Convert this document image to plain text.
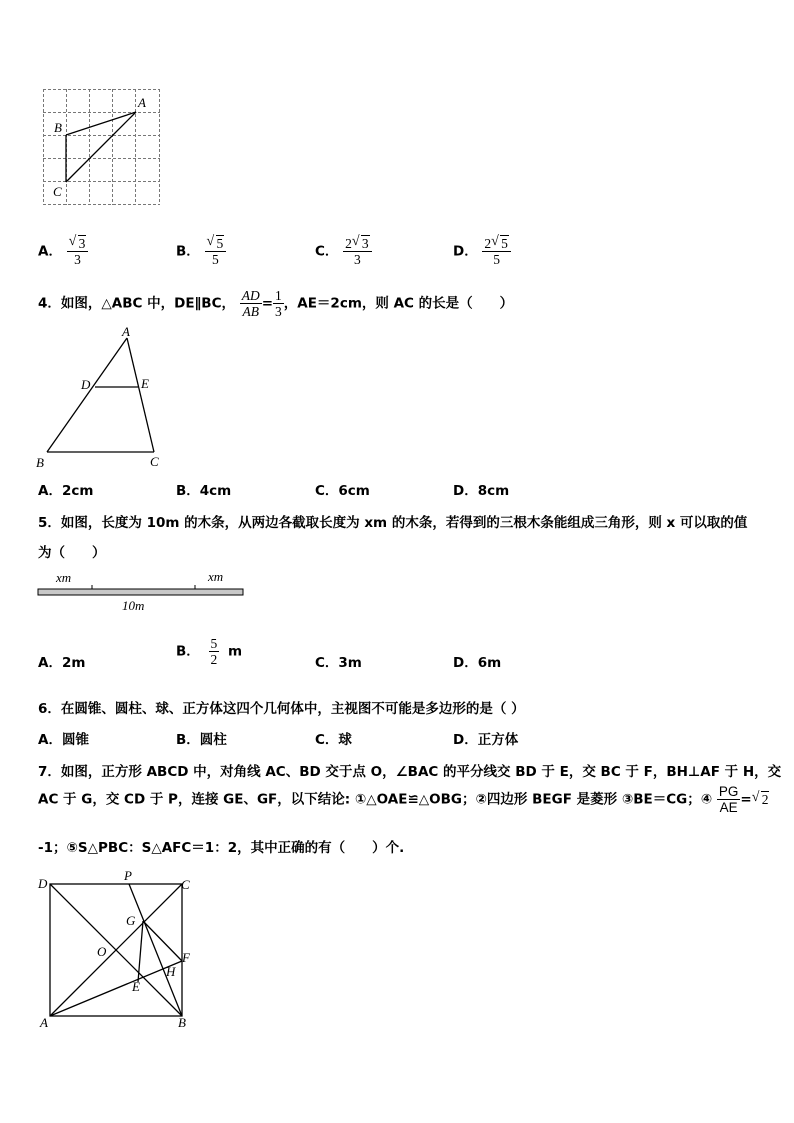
A
B
C
A． $\frac{√ 3}{3}$	B． $\frac{√ 5}{5}$	C． $\frac{2 √ 3}{3}$	D． $\frac{2 √ 5}{5}$
4．如图，△ABC 中，DE∥BC， $\frac{AD}{AB} = \frac{1}{3}$ ，AE＝2cm，则 AC 的长是（　　）
A
D	E
B	C
A．2cm	B．4cm	C．6cm	D．8cm
5．如图，长度为 10m 的木条，从两边各截取长度为 xm 的木条，若得到的三根木条能组成三角形，则 x 可以取的值
为（　　）
xm	xm
10m
A．2m
B． $\frac{5}{2}$ m
C．3m	D．6m
6．在圆锥、圆柱、球、正方体这四个几何体中，主视图不可能是多边形的是（ ）
A．圆锥	B．圆柱	C．球	D．正方体
7．如图，正方形 ABCD 中，对角线 AC、BD 交于点 O，∠BAC 的平分线交 BD 于 E，交 BC 于 F，BH⊥AF 于 H，交
AC 于 G，交 CD 于 P，连接 GE、GF，以下结论: ①△OAE≌△OBG；②四边形 BEGF 是菱形 ③BE＝CG；④ $\frac{PG}{AE}$ = √ 2
-1；⑤S△PBC：S△AFC＝1：2，其中正确的有（　　）个.
D
P
C
G
O	F
H
E
A	B
